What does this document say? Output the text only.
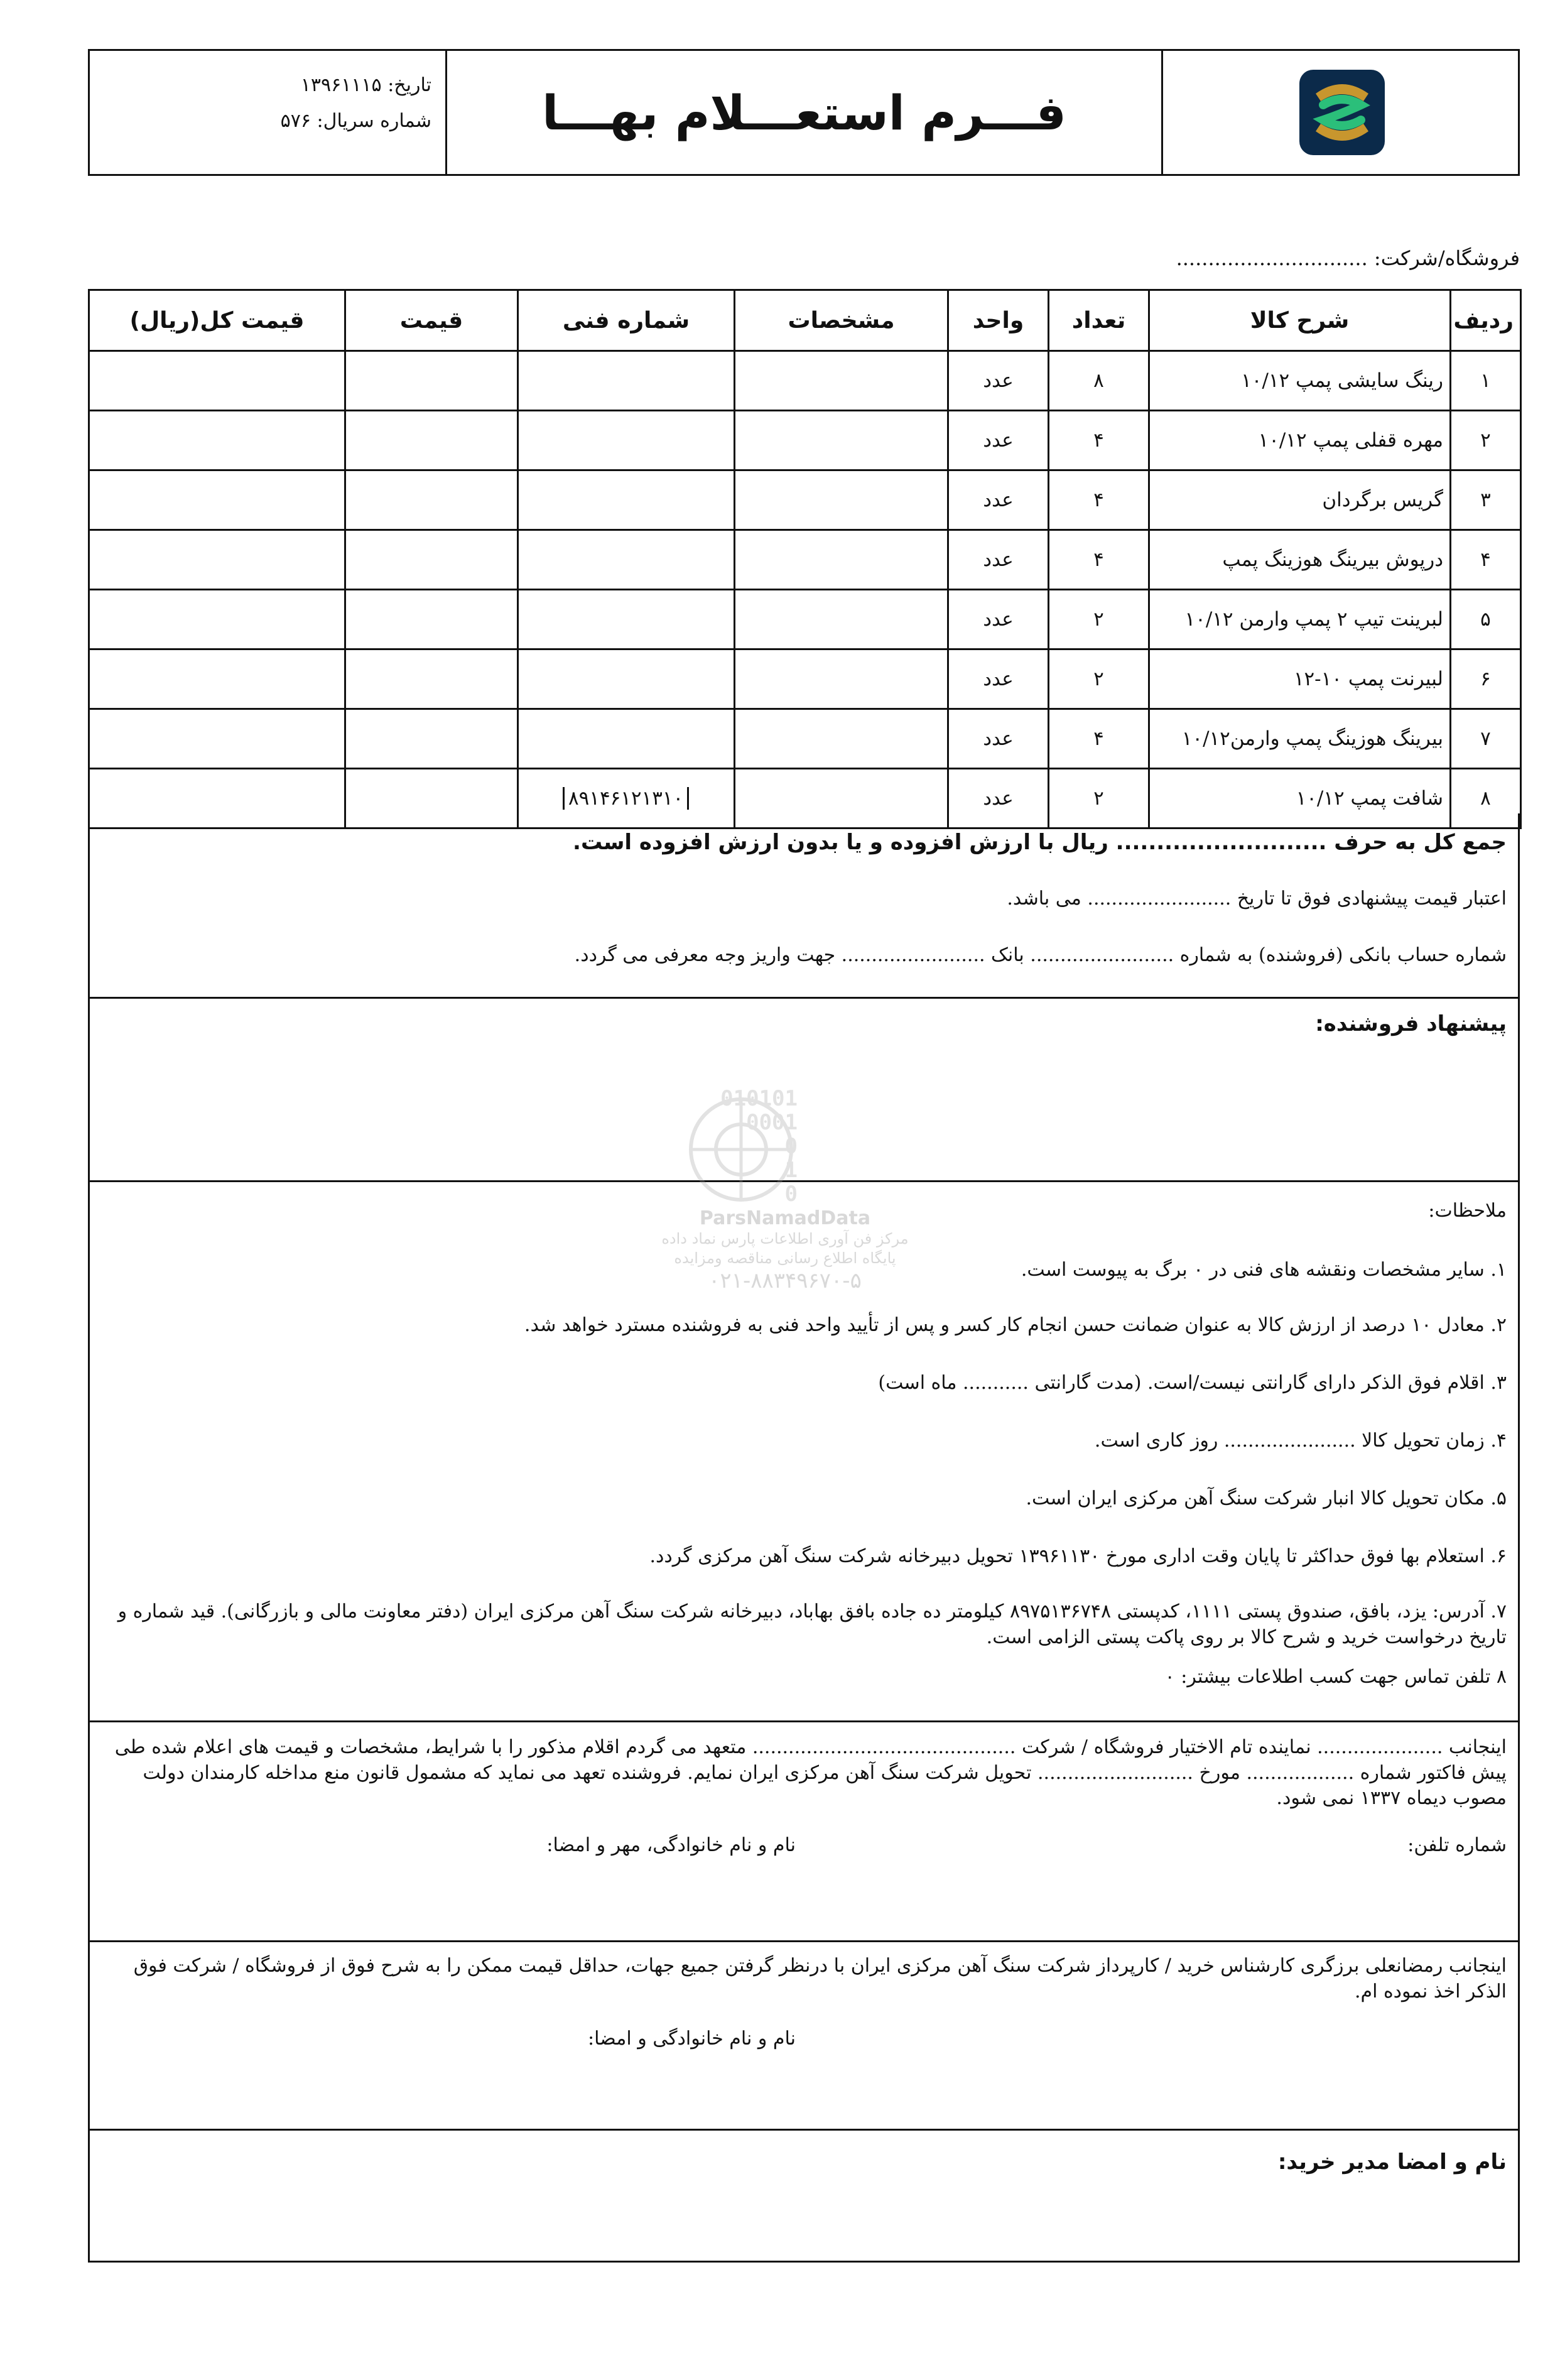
فـــرم استعـــلام بهـــا
تاریخ: ۱۳۹۶۱۱۱۵
شماره سریال: ۵۷۶
فروشگاه/شرکت: ..............................
ردیف	شرح کالا	تعداد	واحد	مشخصات	شماره فنی	قیمت	قیمت کل(ریال)
۱	رینگ سایشی پمپ ۱۰/۱۲	۸	عدد				
۲	مهره قفلی پمپ ۱۰/۱۲	۴	عدد				
۳	گریس برگردان	۴	عدد				
۴	درپوش بیرینگ هوزینگ پمپ	۴	عدد				
۵	لبرینت تیپ ۲ پمپ وارمن ۱۰/۱۲	۲	عدد				
۶	لبیرنت پمپ ۱۰-۱۲	۲	عدد				
۷	بیرینگ هوزینگ پمپ وارمن۱۰/۱۲	۴	عدد				
۸	شافت پمپ ۱۰/۱۲	۲	عدد		۸۹۱۴۶۱۲۱۳۱۰		
جمع کل به حرف .......................... ریال با ارزش افزوده و یا بدون ارزش افزوده است.
اعتبار قیمت پیشنهادی فوق تا تاریخ ........................ می باشد.
شماره حساب بانکی (فروشنده) به شماره ........................ بانک ........................ جهت واریز وجه معرفی می گردد.
پیشنهاد فروشنده:
ملاحظات:
۱. سایر مشخصات ونقشه های فنی در ۰ برگ به پیوست است.
۲. معادل ۱۰ درصد از ارزش کالا به عنوان ضمانت حسن انجام کار کسر و پس از تأیید واحد فنی به فروشنده مسترد خواهد شد.
۳. اقلام فوق الذکر دارای گارانتی نیست/است. (مدت گارانتی ........... ماه است)
۴. زمان تحویل کالا ...................... روز کاری است.
۵. مکان تحویل کالا انبار شرکت سنگ آهن مرکزی ایران است.
۶. استعلام بها فوق حداکثر تا پایان وقت اداری مورخ ۱۳۹۶۱۱۳۰ تحویل دبیرخانه شرکت سنگ آهن مرکزی گردد.
۷. آدرس: یزد، بافق، صندوق پستی ۱۱۱۱، کدپستی ۸۹۷۵۱۳۶۷۴۸ کیلومتر ده جاده بافق بهاباد، دبیرخانه شرکت سنگ آهن مرکزی ایران (دفتر معاونت مالی و بازرگانی). قید شماره و تاریخ درخواست خرید و شرح کالا بر روی پاکت پستی الزامی است.
۸ تلفن تماس جهت کسب اطلاعات بیشتر: ۰
اینجانب ..................... نماینده تام الاختیار فروشگاه / شرکت ............................................ متعهد می گردم اقلام مذکور را با شرایط، مشخصات و قیمت های اعلام شده طی پیش فاکتور شماره .................. مورخ .......................... تحویل شرکت سنگ آهن مرکزی ایران نمایم. فروشنده تعهد می نماید که مشمول قانون منع مداخله کارمندان دولت مصوب دیماه ۱۳۳۷ نمی شود.
شماره تلفن:
نام و نام خانوادگی، مهر و امضا:
اینجانب رمضانعلی برزگری کارشناس خرید / کارپرداز شرکت سنگ آهن مرکزی ایران با درنظر گرفتن جمیع جهات، حداقل قیمت ممکن را به شرح فوق از فروشگاه / شرکت فوق الذکر اخذ نموده ام.
نام و نام خانوادگی و امضا:
نام و امضا مدیر خرید:
010101
0001
0
1
0
ParsNamadData
مرکز فن آوری اطلاعات پارس نماد داده
پایگاه اطلاع رسانی مناقصه ومزایده
۰۲۱-۸۸۳۴۹۶۷۰-۵
